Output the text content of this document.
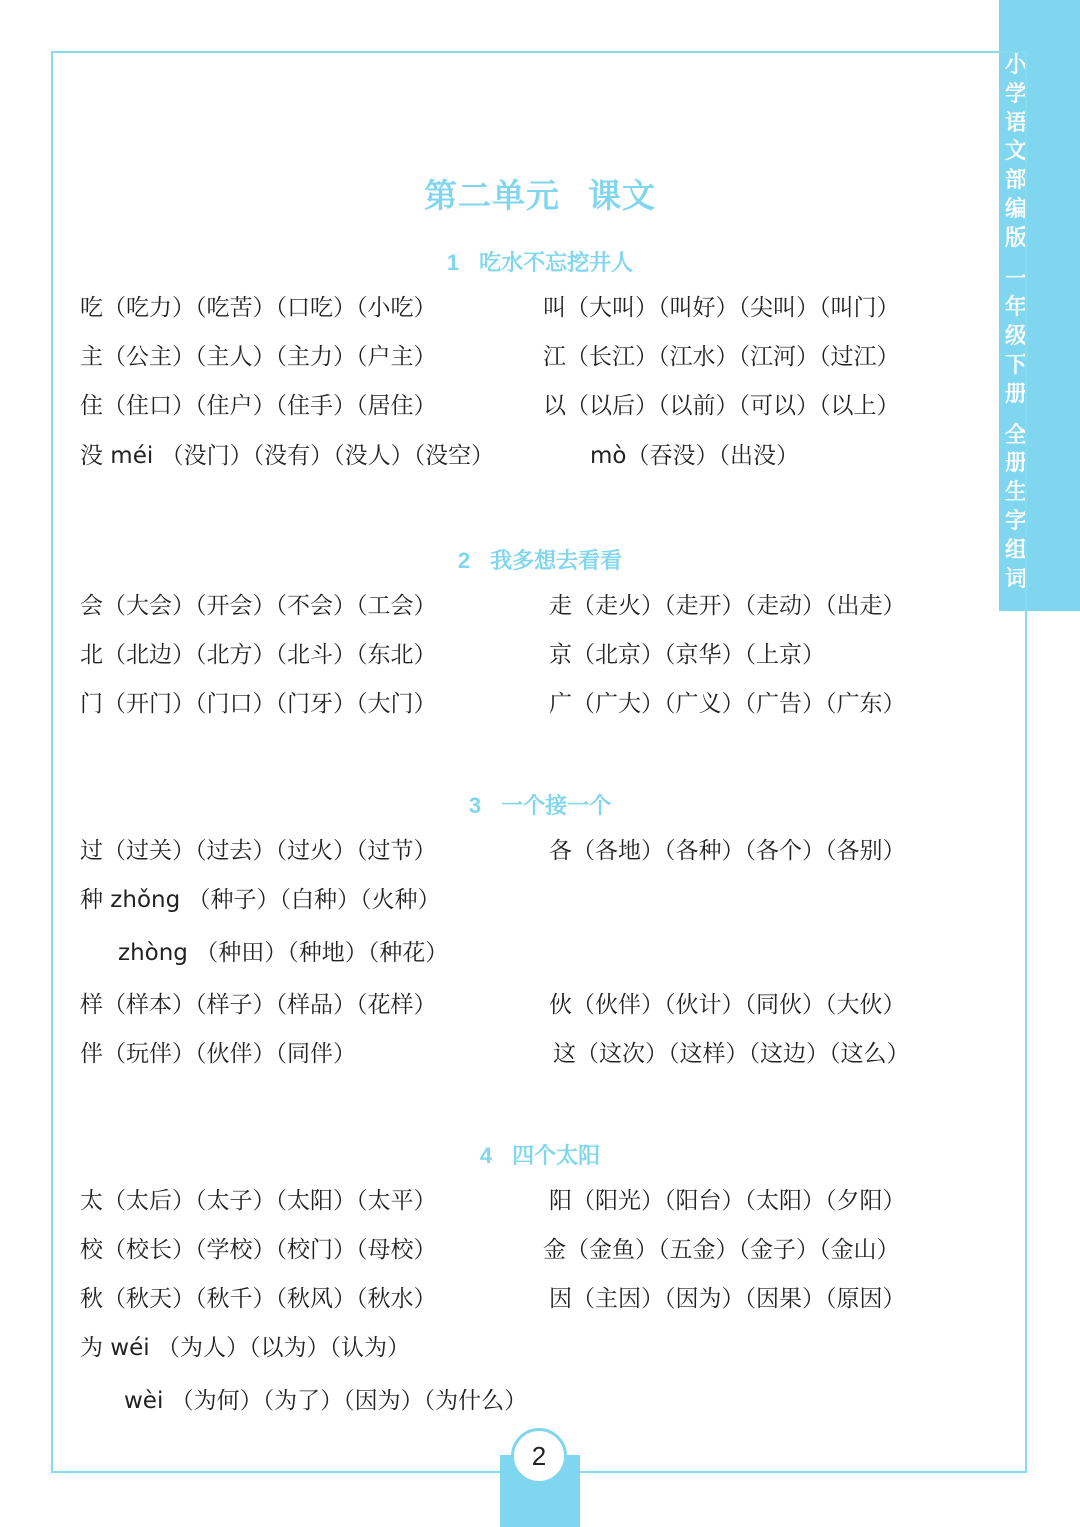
小学语文部编版
一年级下册
全册生字组词
第二单元 课文
1 吃水不忘挖井人
吃（吃力）（吃苦）（口吃）（小吃）	叫（大叫）（叫好）（尖叫）（叫门）
主（公主）（主人）（主力）（户主）	江（长江）（江水）（江河）（过江）
住（住口）（住户）（住手）（居住）	以（以后）（以前）（可以）（以上）
没 méi （没门）（没有）（没人）（没空）	mò（吞没）（出没）
2 我多想去看看
会（大会）（开会）（不会）（工会）	走（走火）（走开）（走动）（出走）
北（北边）（北方）（北斗）（东北）	京（北京）（京华）（上京）
门（开门）（门口）（门牙）（大门）	广（广大）（广义）（广告）（广东）
3 一个接一个
过（过关）（过去）（过火）（过节）	各（各地）（各种）（各个）（各别）
种 zhǒng （种子）（白种）（火种）
zhòng （种田）（种地）（种花）
样（样本）（样子）（样品）（花样）	伙（伙伴）（伙计）（同伙）（大伙）
伴（玩伴）（伙伴）（同伴）	这（这次）（这样）（这边）（这么）
4 四个太阳
太（太后）（太子）（太阳）（太平）	阳（阳光）（阳台）（太阳）（夕阳）
校（校长）（学校）（校门）（母校）	金（金鱼）（五金）（金子）（金山）
秋（秋天）（秋千）（秋风）（秋水）	因（主因）（因为）（因果）（原因）
为 wéi （为人）（以为）（认为）
wèi （为何）（为了）（因为）（为什么）
2
